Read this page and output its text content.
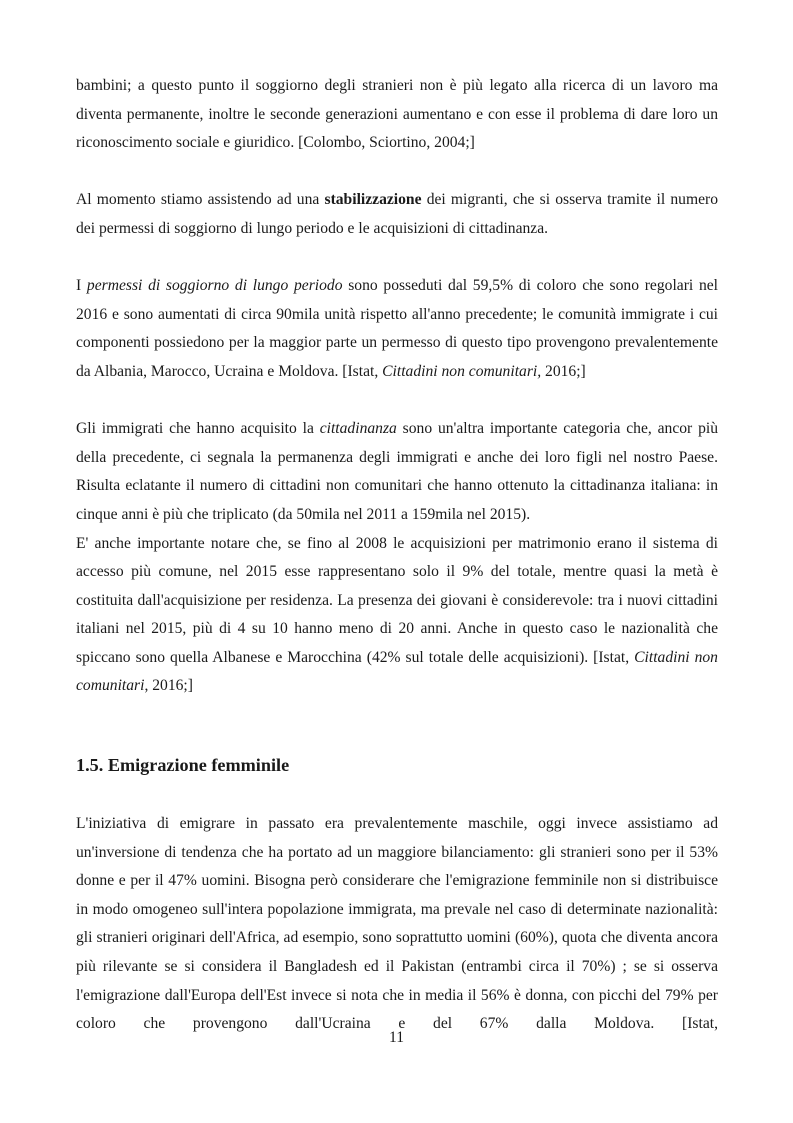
bambini; a questo punto il soggiorno degli stranieri non è più legato alla ricerca di un lavoro ma diventa permanente, inoltre le seconde generazioni aumentano e con esse il problema di dare loro un riconoscimento sociale e giuridico. [Colombo, Sciortino, 2004;]

Al momento stiamo assistendo ad una stabilizzazione dei migranti, che si osserva tramite il numero dei permessi di soggiorno di lungo periodo e le acquisizioni di cittadinanza.

I permessi di soggiorno di lungo periodo sono posseduti dal 59,5% di coloro che sono regolari nel 2016 e sono aumentati di circa 90mila unità rispetto all'anno precedente; le comunità immigrate i cui componenti possiedono per la maggior parte un permesso di questo tipo provengono prevalentemente da Albania, Marocco, Ucraina e Moldova. [Istat, Cittadini non comunitari, 2016;]

Gli immigrati che hanno acquisito la cittadinanza sono un'altra importante categoria che, ancor più della precedente, ci segnala la permanenza degli immigrati e anche dei loro figli nel nostro Paese. Risulta eclatante il numero di cittadini non comunitari che hanno ottenuto la cittadinanza italiana: in cinque anni è più che triplicato (da 50mila nel 2011 a 159mila nel 2015).

E' anche importante notare che, se fino al 2008 le acquisizioni per matrimonio erano il sistema di accesso più comune, nel 2015 esse rappresentano solo il 9% del totale, mentre quasi la metà è costituita dall'acquisizione per residenza. La presenza dei giovani è considerevole: tra i nuovi cittadini italiani nel 2015, più di 4 su 10 hanno meno di 20 anni. Anche in questo caso le nazionalità che spiccano sono quella Albanese e Marocchina (42% sul totale delle acquisizioni). [Istat, Cittadini non comunitari, 2016;]

1.5. Emigrazione femminile

L'iniziativa di emigrare in passato era prevalentemente maschile, oggi invece assistiamo ad un'inversione di tendenza che ha portato ad un maggiore bilanciamento: gli stranieri sono per il 53% donne e per il 47% uomini. Bisogna però considerare che l'emigrazione femminile non si distribuisce in modo omogeneo sull'intera popolazione immigrata, ma prevale nel caso di determinate nazionalità: gli stranieri originari dell'Africa, ad esempio, sono soprattutto uomini (60%), quota che diventa ancora più rilevante se si considera il Bangladesh ed il Pakistan (entrambi circa il 70%) ; se si osserva l'emigrazione dall'Europa dell'Est invece si nota che in media il 56% è donna, con picchi del 79% per coloro che provengono dall'Ucraina e del 67% dalla Moldova. [Istat,

11
